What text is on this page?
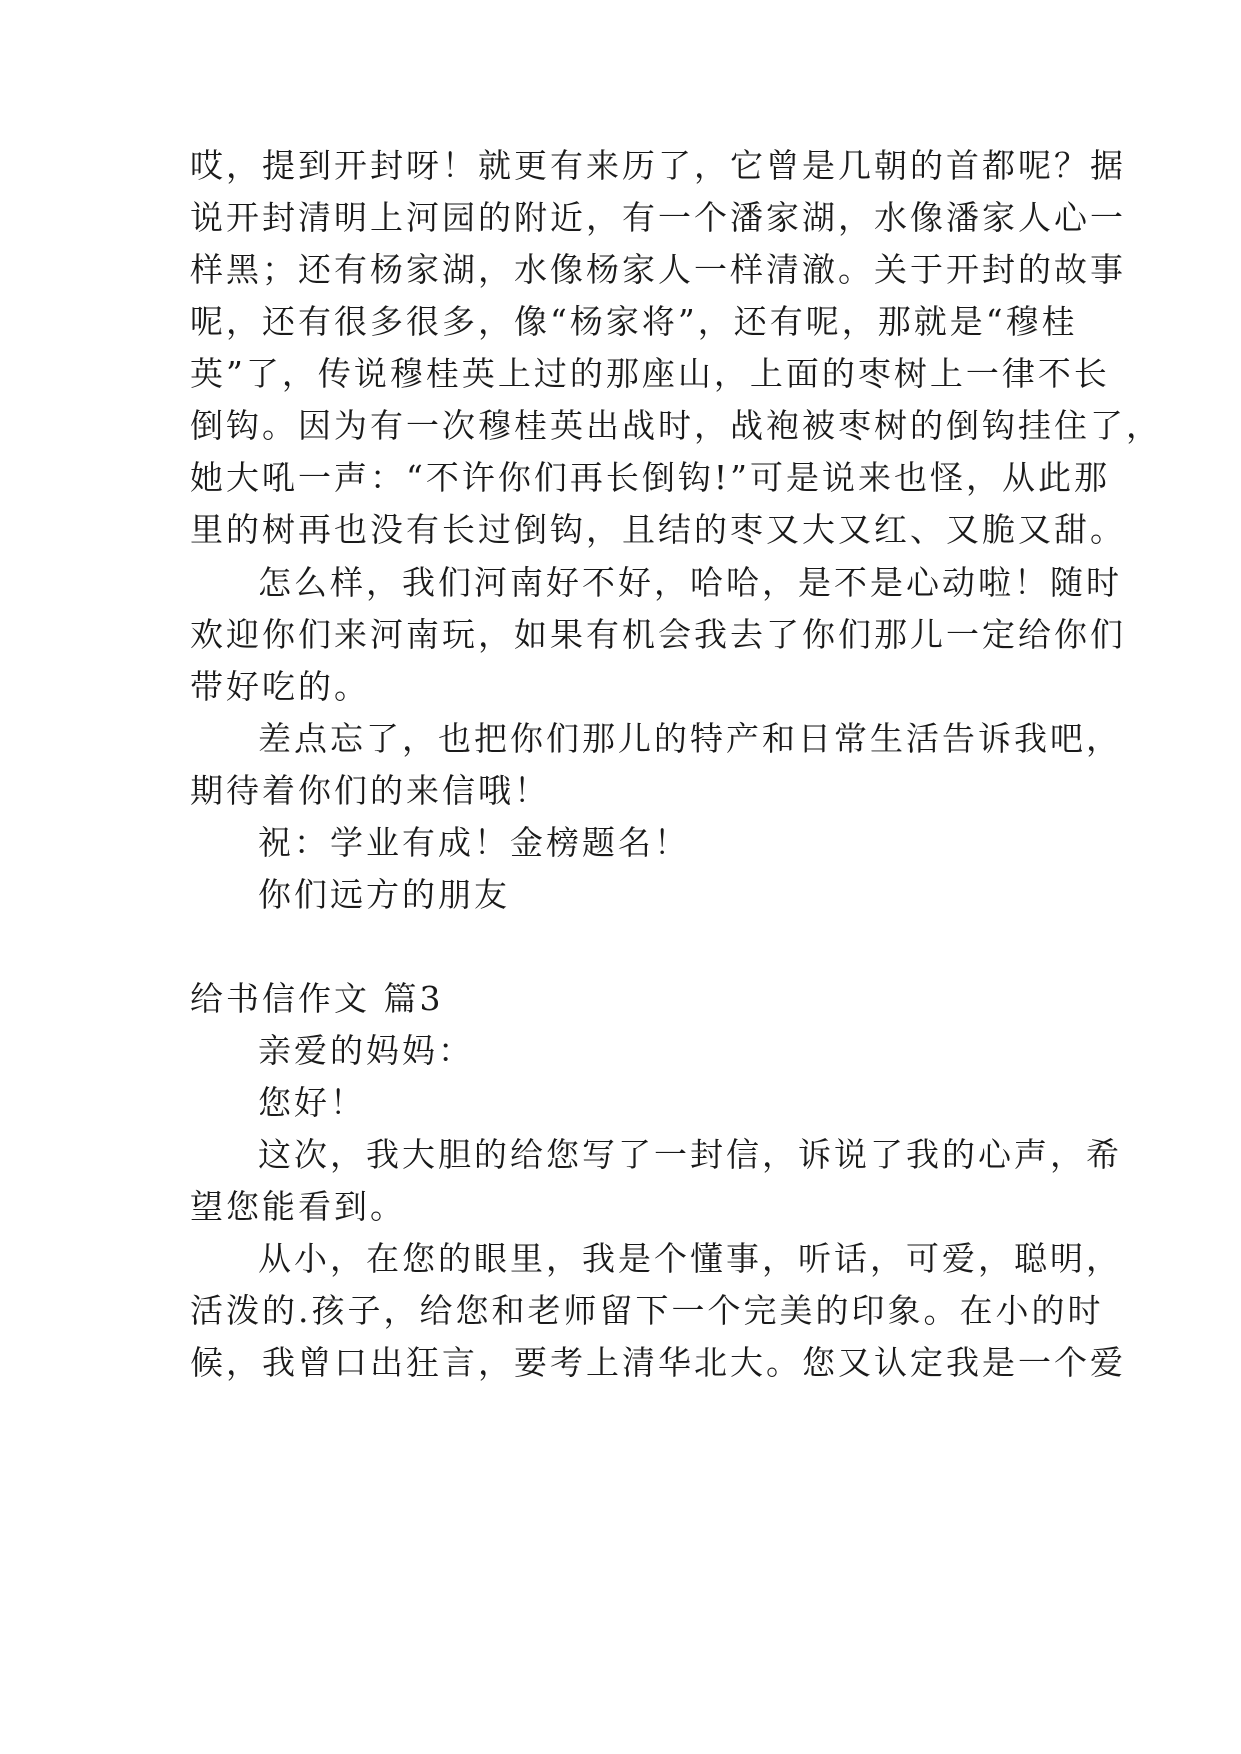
哎，提到开封呀！就更有来历了，它曾是几朝的首都呢？据
说开封清明上河园的附近，有一个潘家湖，水像潘家人心一
样黑；还有杨家湖，水像杨家人一样清澈。关于开封的故事
呢，还有很多很多，像“杨家将”，还有呢，那就是“穆桂
英”了，传说穆桂英上过的那座山，上面的枣树上一律不长
倒钩。因为有一次穆桂英出战时，战袍被枣树的倒钩挂住了，
她大吼一声：“不许你们再长倒钩!”可是说来也怪，从此那
里的树再也没有长过倒钩，且结的枣又大又红、又脆又甜。
怎么样，我们河南好不好，哈哈，是不是心动啦！随时
欢迎你们来河南玩，如果有机会我去了你们那儿一定给你们
带好吃的。
差点忘了，也把你们那儿的特产和日常生活告诉我吧，
期待着你们的来信哦！
祝：学业有成！金榜题名！
你们远方的朋友
给书信作文 篇3
亲爱的妈妈：
您好！
这次，我大胆的给您写了一封信，诉说了我的心声，希
望您能看到。
从小，在您的眼里，我是个懂事，听话，可爱，聪明，
活泼的.孩子，给您和老师留下一个完美的印象。在小的时
候，我曾口出狂言，要考上清华北大。您又认定我是一个爱
